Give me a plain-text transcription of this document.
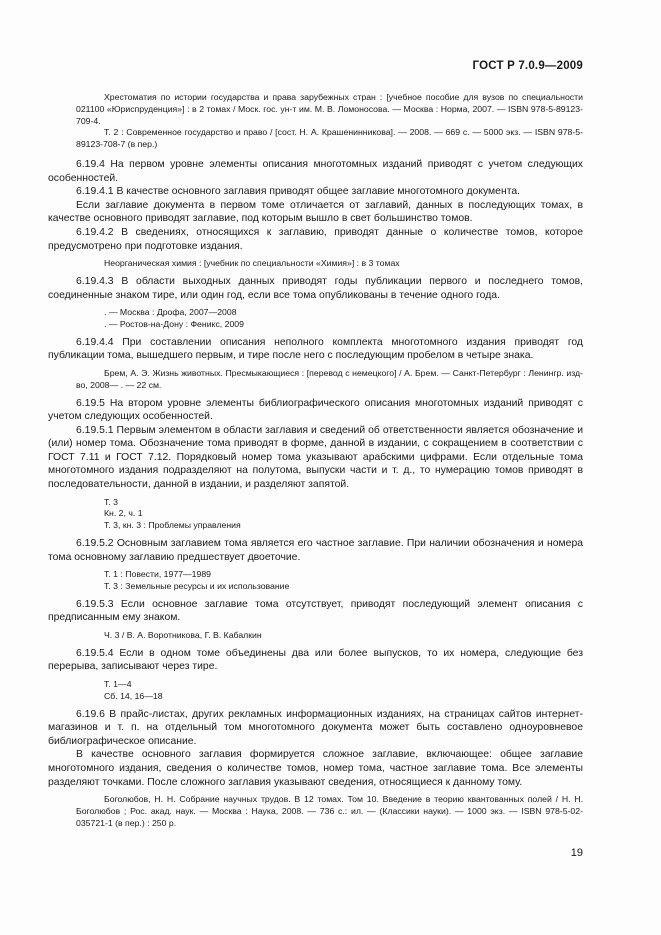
ГОСТ Р 7.0.9—2009

Хрестоматия по истории государства и права зарубежных стран : [учебное пособие для вузов по специальности 021100 «Юриспруденция»] : в 2 томах / Моск. гос. ун-т им. М. В. Ломоносова. — Москва : Норма, 2007. — ISBN 978-5-89123-709-4.

Т. 2 : Современное государство и право / [сост. Н. А. Крашенинникова]. — 2008. — 669 с. — 5000 экз. — ISBN 978-5-89123-708-7 (в пер.)

6.19.4 На первом уровне элементы описания многотомных изданий приводят с учетом следующих особенностей.

6.19.4.1 В качестве основного заглавия приводят общее заглавие многотомного документа.

Если заглавие документа в первом томе отличается от заглавий, данных в последующих томах, в качестве основного приводят заглавие, под которым вышло в свет большинство томов.

6.19.4.2 В сведениях, относящихся к заглавию, приводят данные о количестве томов, которое предусмотрено при подготовке издания.

Неорганическая химия : [учебник по специальности «Химия»] : в 3 томах

6.19.4.3 В области выходных данных приводят годы публикации первого и последнего томов, соединенные знаком тире, или один год, если все тома опубликованы в течение одного года.

. — Москва : Дрофа, 2007—2008

. — Ростов-на-Дону : Феникс, 2009

6.19.4.4 При составлении описания неполного комплекта многотомного издания приводят год публикации тома, вышедшего первым, и тире после него с последующим пробелом в четыре знака.

Брем, А. Э. Жизнь животных. Пресмыкающиеся : [перевод с немецкого] / А. Брем. — Санкт-Петербург : Ленингр. изд-во, 2008— . — 22 см.

6.19.5 На втором уровне элементы библиографического описания многотомных изданий приводят с учетом следующих особенностей.

6.19.5.1 Первым элементом в области заглавия и сведений об ответственности является обозначение и (или) номер тома. Обозначение тома приводят в форме, данной в издании, с сокращением в соответствии с ГОСТ 7.11 и ГОСТ 7.12. Порядковый номер тома указывают арабскими цифрами. Если отдельные тома многотомного издания подразделяют на полутома, выпуски части и т. д., то нумерацию томов приводят в последовательности, данной в издании, и разделяют запятой.

Т. 3

Кн. 2, ч. 1

Т. 3, кн. 3 : Проблемы управления

6.19.5.2 Основным заглавием тома является его частное заглавие. При наличии обозначения и номера тома основному заглавию предшествует двоеточие.

Т. 1 : Повести, 1977—1989

Т. 3 : Земельные ресурсы и их использование

6.19.5.3 Если основное заглавие тома отсутствует, приводят последующий элемент описания с предписанным ему знаком.

Ч. 3 / В. А. Воротникова, Г. В. Кабалкин

6.19.5.4 Если в одном томе объединены два или более выпусков, то их номера, следующие без перерыва, записывают через тире.

Т. 1—4

Сб. 14, 16—18

6.19.6 В прайс-листах, других рекламных информационных изданиях, на страницах сайтов интернет-магазинов и т. п. на отдельный том многотомного документа может быть составлено одноуровневое библиографическое описание.

В качестве основного заглавия формируется сложное заглавие, включающее: общее заглавие многотомного издания, сведения о количестве томов, номер тома, частное заглавие тома. Все элементы разделяют точками. После сложного заглавия указывают сведения, относящиеся к данному тому.

Боголюбов, Н. Н. Собрание научных трудов. В 12 томах. Том 10. Введение в теорию квантованных полей / Н. Н. Боголюбов ; Рос. акад. наук. — Москва : Наука, 2008. — 736 с.: ил. — (Классики науки). — 1000 экз. — ISBN 978-5-02-035721-1 (в пер.) : 250 р.

19
